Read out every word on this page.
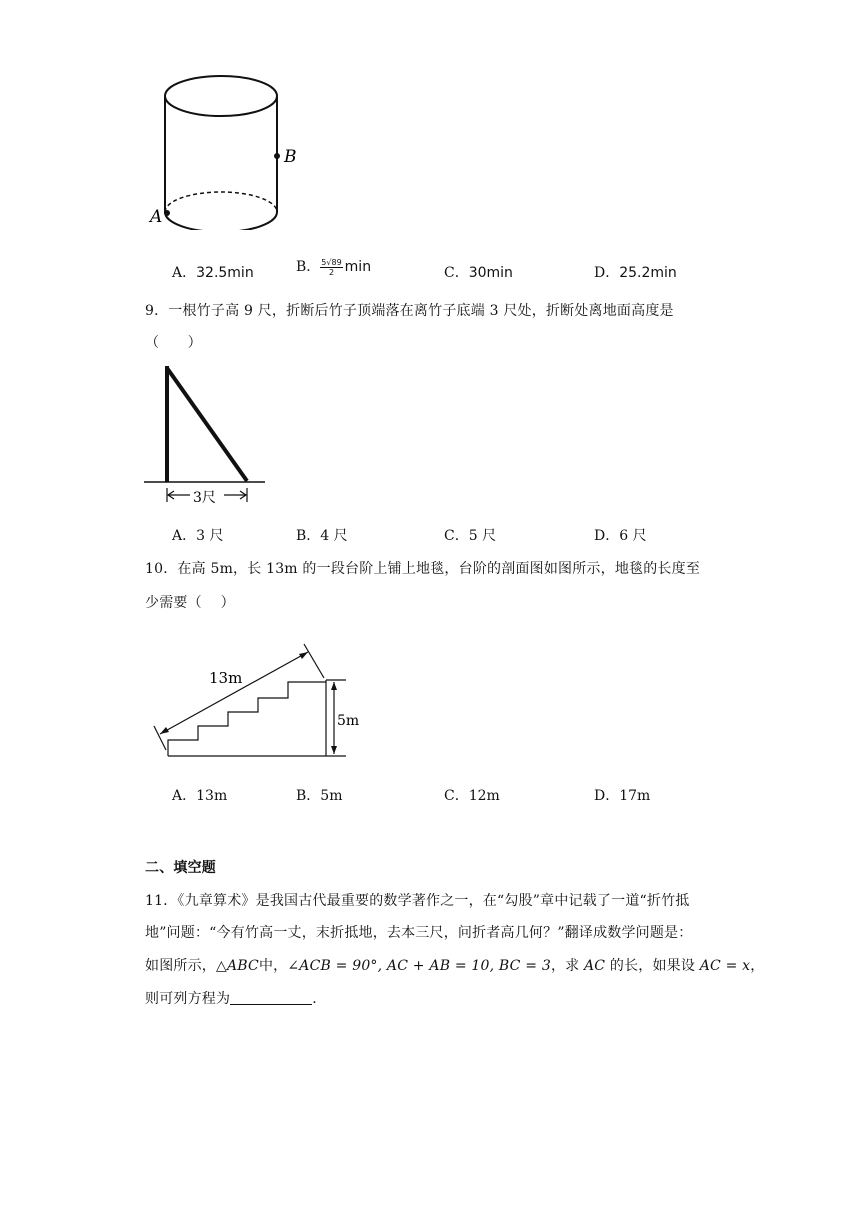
B
A
A．32.5min	B． $\frac{5√89}{2}$ min	C．30min	D．25.2min
9．一根竹子高 9 尺，折断后竹子顶端落在离竹子底端 3 尺处，折断处离地面高度是
（　　）
3尺
A．3 尺	B．4 尺	C．5 尺	D．6 尺
10．在高 5m，长 13m 的一段台阶上铺上地毯，台阶的剖面图如图所示，地毯的长度至
少需要（　 ）
5m
13m
A．13m	B．5m	C．12m	D．17m
二、填空题
11．《九章算术》是我国古代最重要的数学著作之一，在“勾股”章中记载了一道“折竹抵
地”问题：“今有竹高一丈，末折抵地，去本三尺，问折者高几何？”翻译成数学问题是：
如图所示，△ABC中，∠ACB = 90°, AC + AB = 10, BC = 3，求 AC 的长，如果设 AC = x，
则可列方程为	.
